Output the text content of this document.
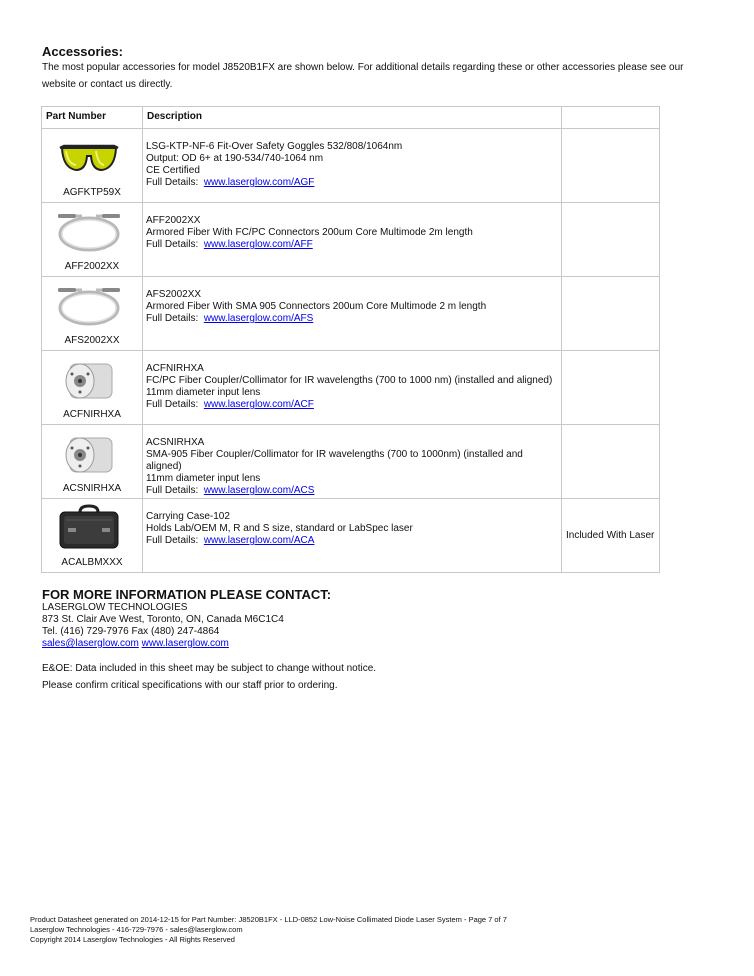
Accessories:
The most popular accessories for model J8520B1FX are shown below. For additional details regarding these or other accessories please see our website or contact us directly.
Part Number	Description	

AGFKTP59X	LSG-KTP-NF-6 Fit-Over Safety Goggles 532/808/1064nm
Output: OD 6+ at 190-534/740-1064 nm
CE Certified
Full Details: www.laserglow.com/AGF	

AFF2002XX	AFF2002XX
Armored Fiber With FC/PC Connectors 200um Core Multimode 2m length
Full Details: www.laserglow.com/AFF	

AFS2002XX	AFS2002XX
Armored Fiber With SMA 905 Connectors 200um Core Multimode 2 m length
Full Details: www.laserglow.com/AFS	

ACFNIRHXA	ACFNIRHXA
FC/PC Fiber Coupler/Collimator for IR wavelengths (700 to 1000 nm) (installed and aligned)
11mm diameter input lens
Full Details: www.laserglow.com/ACF	

ACSNIRHXA	ACSNIRHXA
SMA-905 Fiber Coupler/Collimator for IR wavelengths (700 to 1000nm) (installed and aligned)
11mm diameter input lens
Full Details: www.laserglow.com/ACS	

ACALBMXXX	Carrying Case-102
Holds Lab/OEM M, R and S size, standard or LabSpec laser
Full Details: www.laserglow.com/ACA	Included With Laser
FOR MORE INFORMATION PLEASE CONTACT:
LASERGLOW TECHNOLOGIES
873 St. Clair Ave West, Toronto, ON, Canada M6C1C4
Tel. (416) 729-7976 Fax (480) 247-4864
sales@laserglow.com www.laserglow.com
E&OE: Data included in this sheet may be subject to change without notice.
Please confirm critical specifications with our staff prior to ordering.
Product Datasheet generated on 2014-12-15 for Part Number: J8520B1FX - LLD-0852 Low-Noise Collimated Diode Laser System - Page 7 of 7
Laserglow Technologies - 416-729-7976 - sales@laserglow.com
Copyright 2014 Laserglow Technologies - All Rights Reserved
